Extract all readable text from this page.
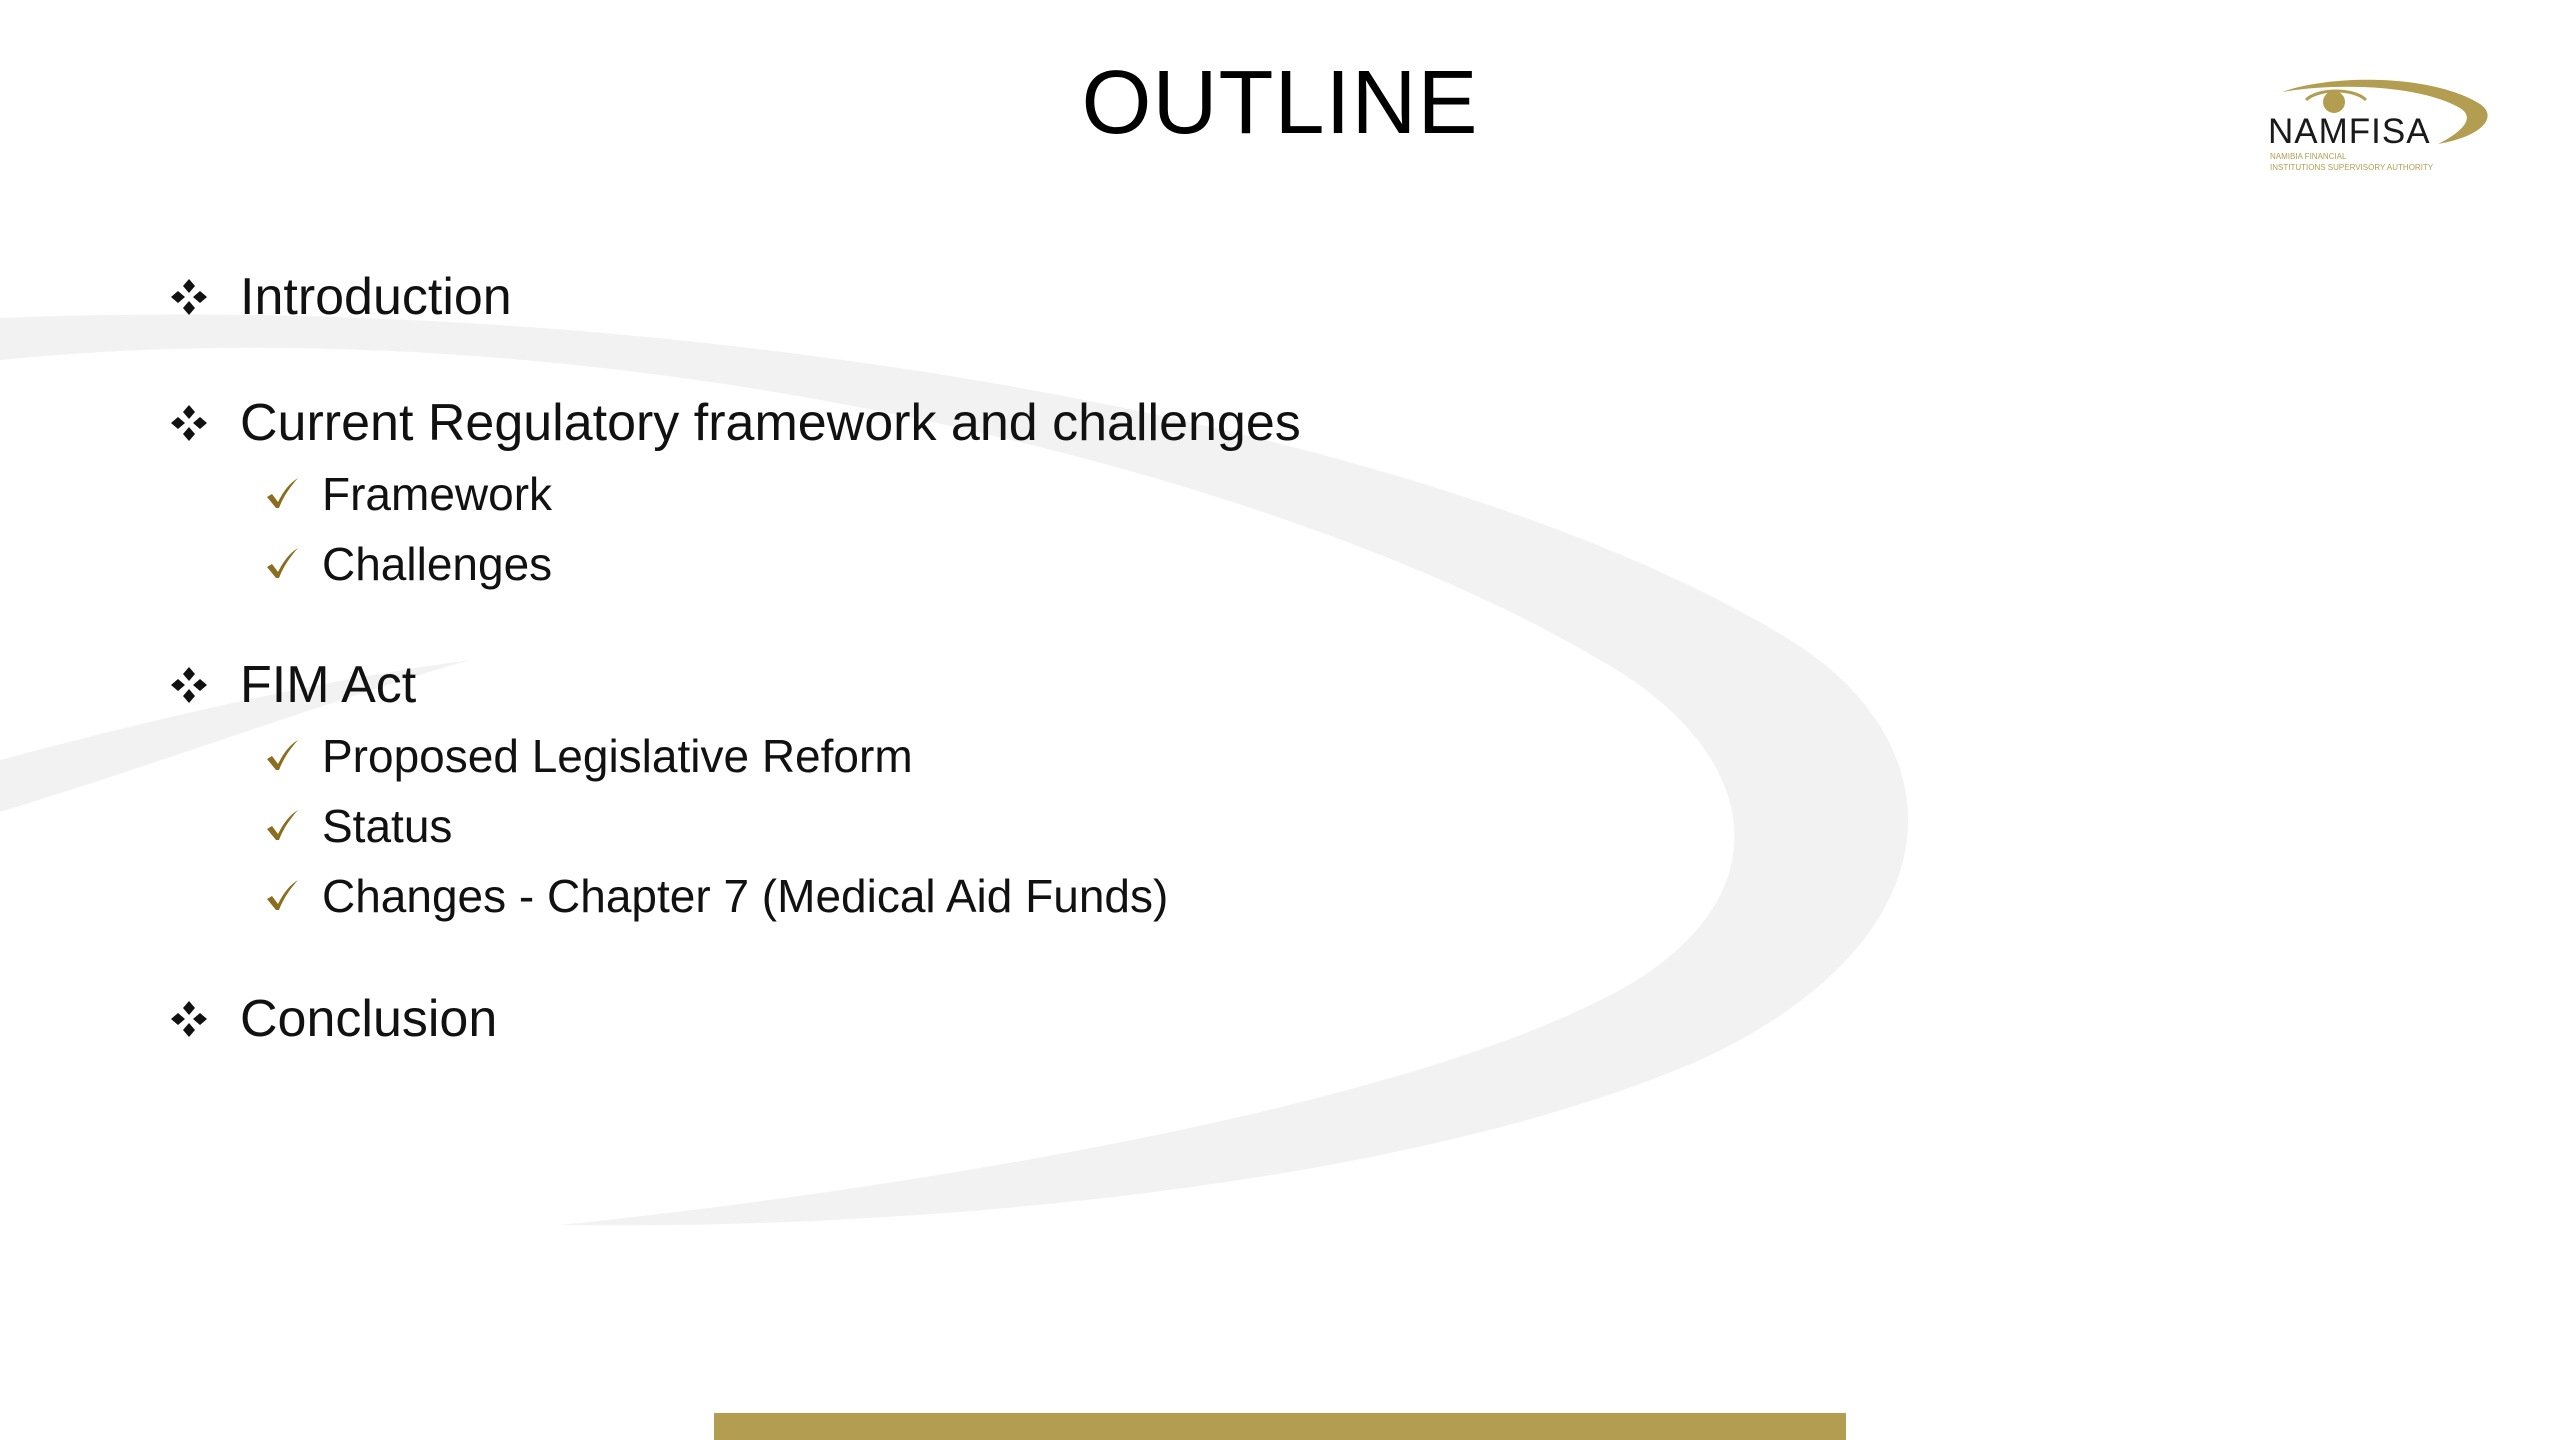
OUTLINE	NAMFISA
NAMIBIA FINANCIAL
INSTITUTIONS SUPERVISORY AUTHORITY
Introduction
Current Regulatory framework and challenges
Framework
Challenges
FIM Act
Proposed Legislative Reform
Status
Changes - Chapter 7 (Medical Aid Funds)
Conclusion
